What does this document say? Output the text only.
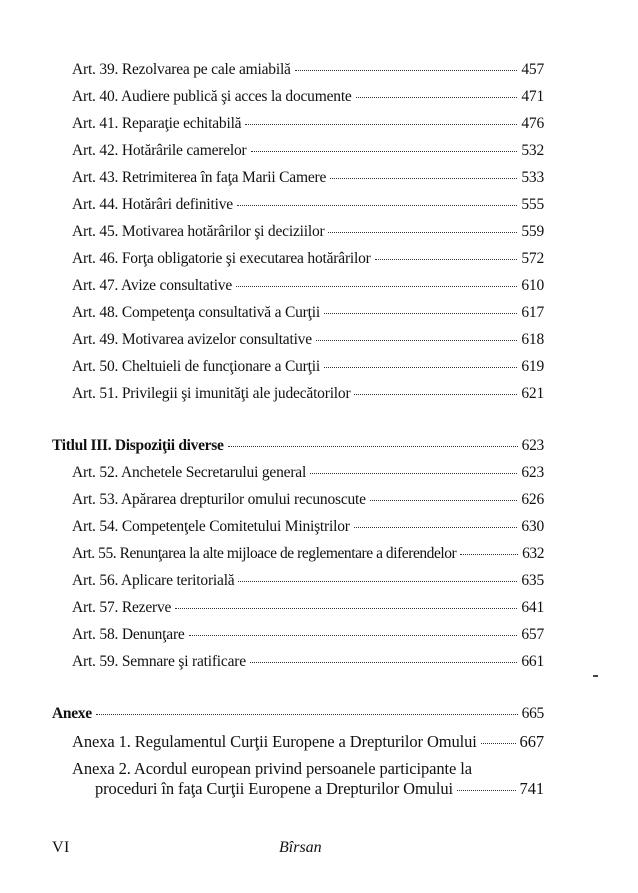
Art. 39. Rezolvarea pe cale amiabilă	457
Art. 40. Audiere publică şi acces la documente	471
Art. 41. Reparaţie echitabilă	476
Art. 42. Hotărârile camerelor	532
Art. 43. Retrimiterea în faţa Marii Camere	533
Art. 44. Hotărâri definitive	555
Art. 45. Motivarea hotărârilor şi deciziilor	559
Art. 46. Forţa obligatorie şi executarea hotărârilor	572
Art. 47. Avize consultative	610
Art. 48. Competenţa consultativă a Curţii	617
Art. 49. Motivarea avizelor consultative	618
Art. 50. Cheltuieli de funcţionare a Curţii	619
Art. 51. Privilegii şi imunităţi ale judecătorilor	621
Titlul III. Dispoziţii diverse	623
Art. 52. Anchetele Secretarului general	623
Art. 53. Apărarea drepturilor omului recunoscute	626
Art. 54. Competenţele Comitetului Miniştrilor	630
Art. 55. Renunţarea la alte mijloace de reglementare a diferendelor	632
Art. 56. Aplicare teritorială	635
Art. 57. Rezerve	641
Art. 58. Denunţare	657
Art. 59. Semnare şi ratificare	661
Anexe	665
Anexa 1. Regulamentul Curţii Europene a Drepturilor Omului	667
Anexa 2. Acordul european privind persoanele participante la
proceduri în faţa Curţii Europene a Drepturilor Omului	741
VI	Bîrsan
